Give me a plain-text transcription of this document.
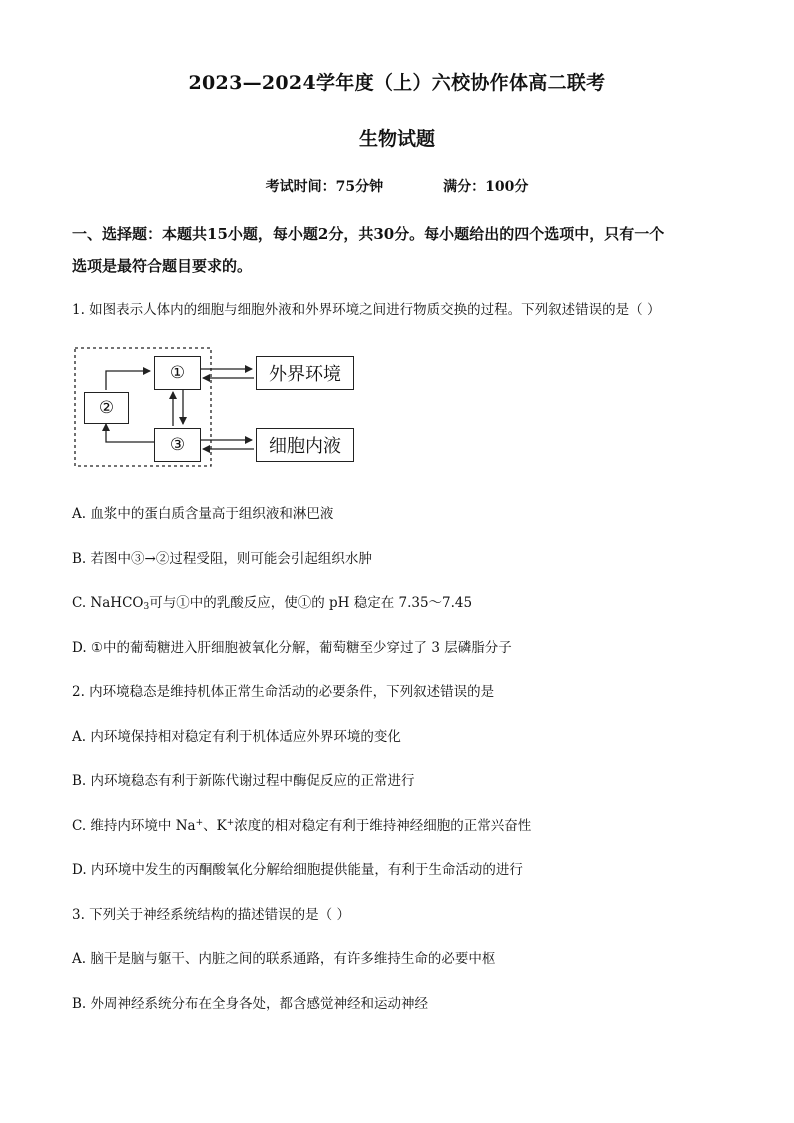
2023—2024学年度（上）六校协作体高二联考
生物试题
考试时间：75分钟	满分：100分
一、选择题：本题共15小题，每小题2分，共30分。每小题给出的四个选项中，只有一个
选项是最符合题目要求的。
1. 如图表示人体内的细胞与细胞外液和外界环境之间进行物质交换的过程。下列叙述错误的是（ ）
①
②
③
外界环境
细胞内液
A. 血浆中的蛋白质含量高于组织液和淋巴液
B. 若图中③→②过程受阻，则可能会引起组织水肿
C. NaHCO$_3$可与①中的乳酸反应，使①的 pH 稳定在 7.35～7.45
D. ①中的葡萄糖进入肝细胞被氧化分解，葡萄糖至少穿过了 3 层磷脂分子
2. 内环境稳态是维持机体正常生命活动的必要条件，下列叙述错误的是
A. 内环境保持相对稳定有利于机体适应外界环境的变化
B. 内环境稳态有利于新陈代谢过程中酶促反应的正常进行
C. 维持内环境中 Na+、K+浓度的相对稳定有利于维持神经细胞的正常兴奋性
D. 内环境中发生的丙酮酸氧化分解给细胞提供能量，有利于生命活动的进行
3. 下列关于神经系统结构的描述错误的是（ ）
A. 脑干是脑与躯干、内脏之间的联系通路，有许多维持生命的必要中枢
B. 外周神经系统分布在全身各处，都含感觉神经和运动神经
